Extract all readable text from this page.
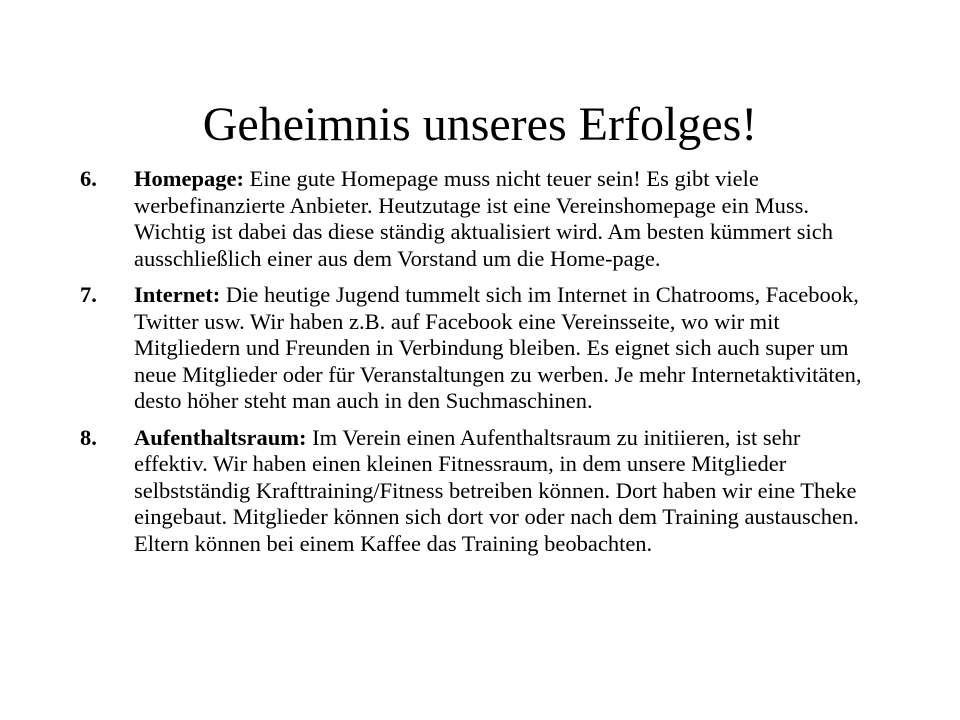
Geheimnis unseres Erfolges!
6. Homepage: Eine gute Homepage muss nicht teuer sein! Es gibt viele werbefinanzierte Anbieter. Heutzutage ist eine Vereinshomepage ein Muss. Wichtig ist dabei das diese ständig aktualisiert wird. Am besten kümmert sich ausschließlich einer aus dem Vorstand um die Home-page.
7. Internet: Die heutige Jugend tummelt sich im Internet in Chatrooms, Facebook, Twitter usw. Wir haben z.B. auf Facebook eine Vereinsseite, wo wir mit Mitgliedern und Freunden in Verbindung bleiben. Es eignet sich auch super um neue Mitglieder oder für Veranstaltungen zu werben. Je mehr Internetaktivitäten, desto höher steht man auch in den Suchmaschinen.
8. Aufenthaltsraum: Im Verein einen Aufenthaltsraum zu initiieren, ist sehr effektiv. Wir haben einen kleinen Fitnessraum, in dem unsere Mitglieder selbstständig Krafttraining/Fitness betreiben können. Dort haben wir eine Theke eingebaut. Mitglieder können sich dort vor oder nach dem Training austauschen. Eltern können bei einem Kaffee das Training beobachten.
